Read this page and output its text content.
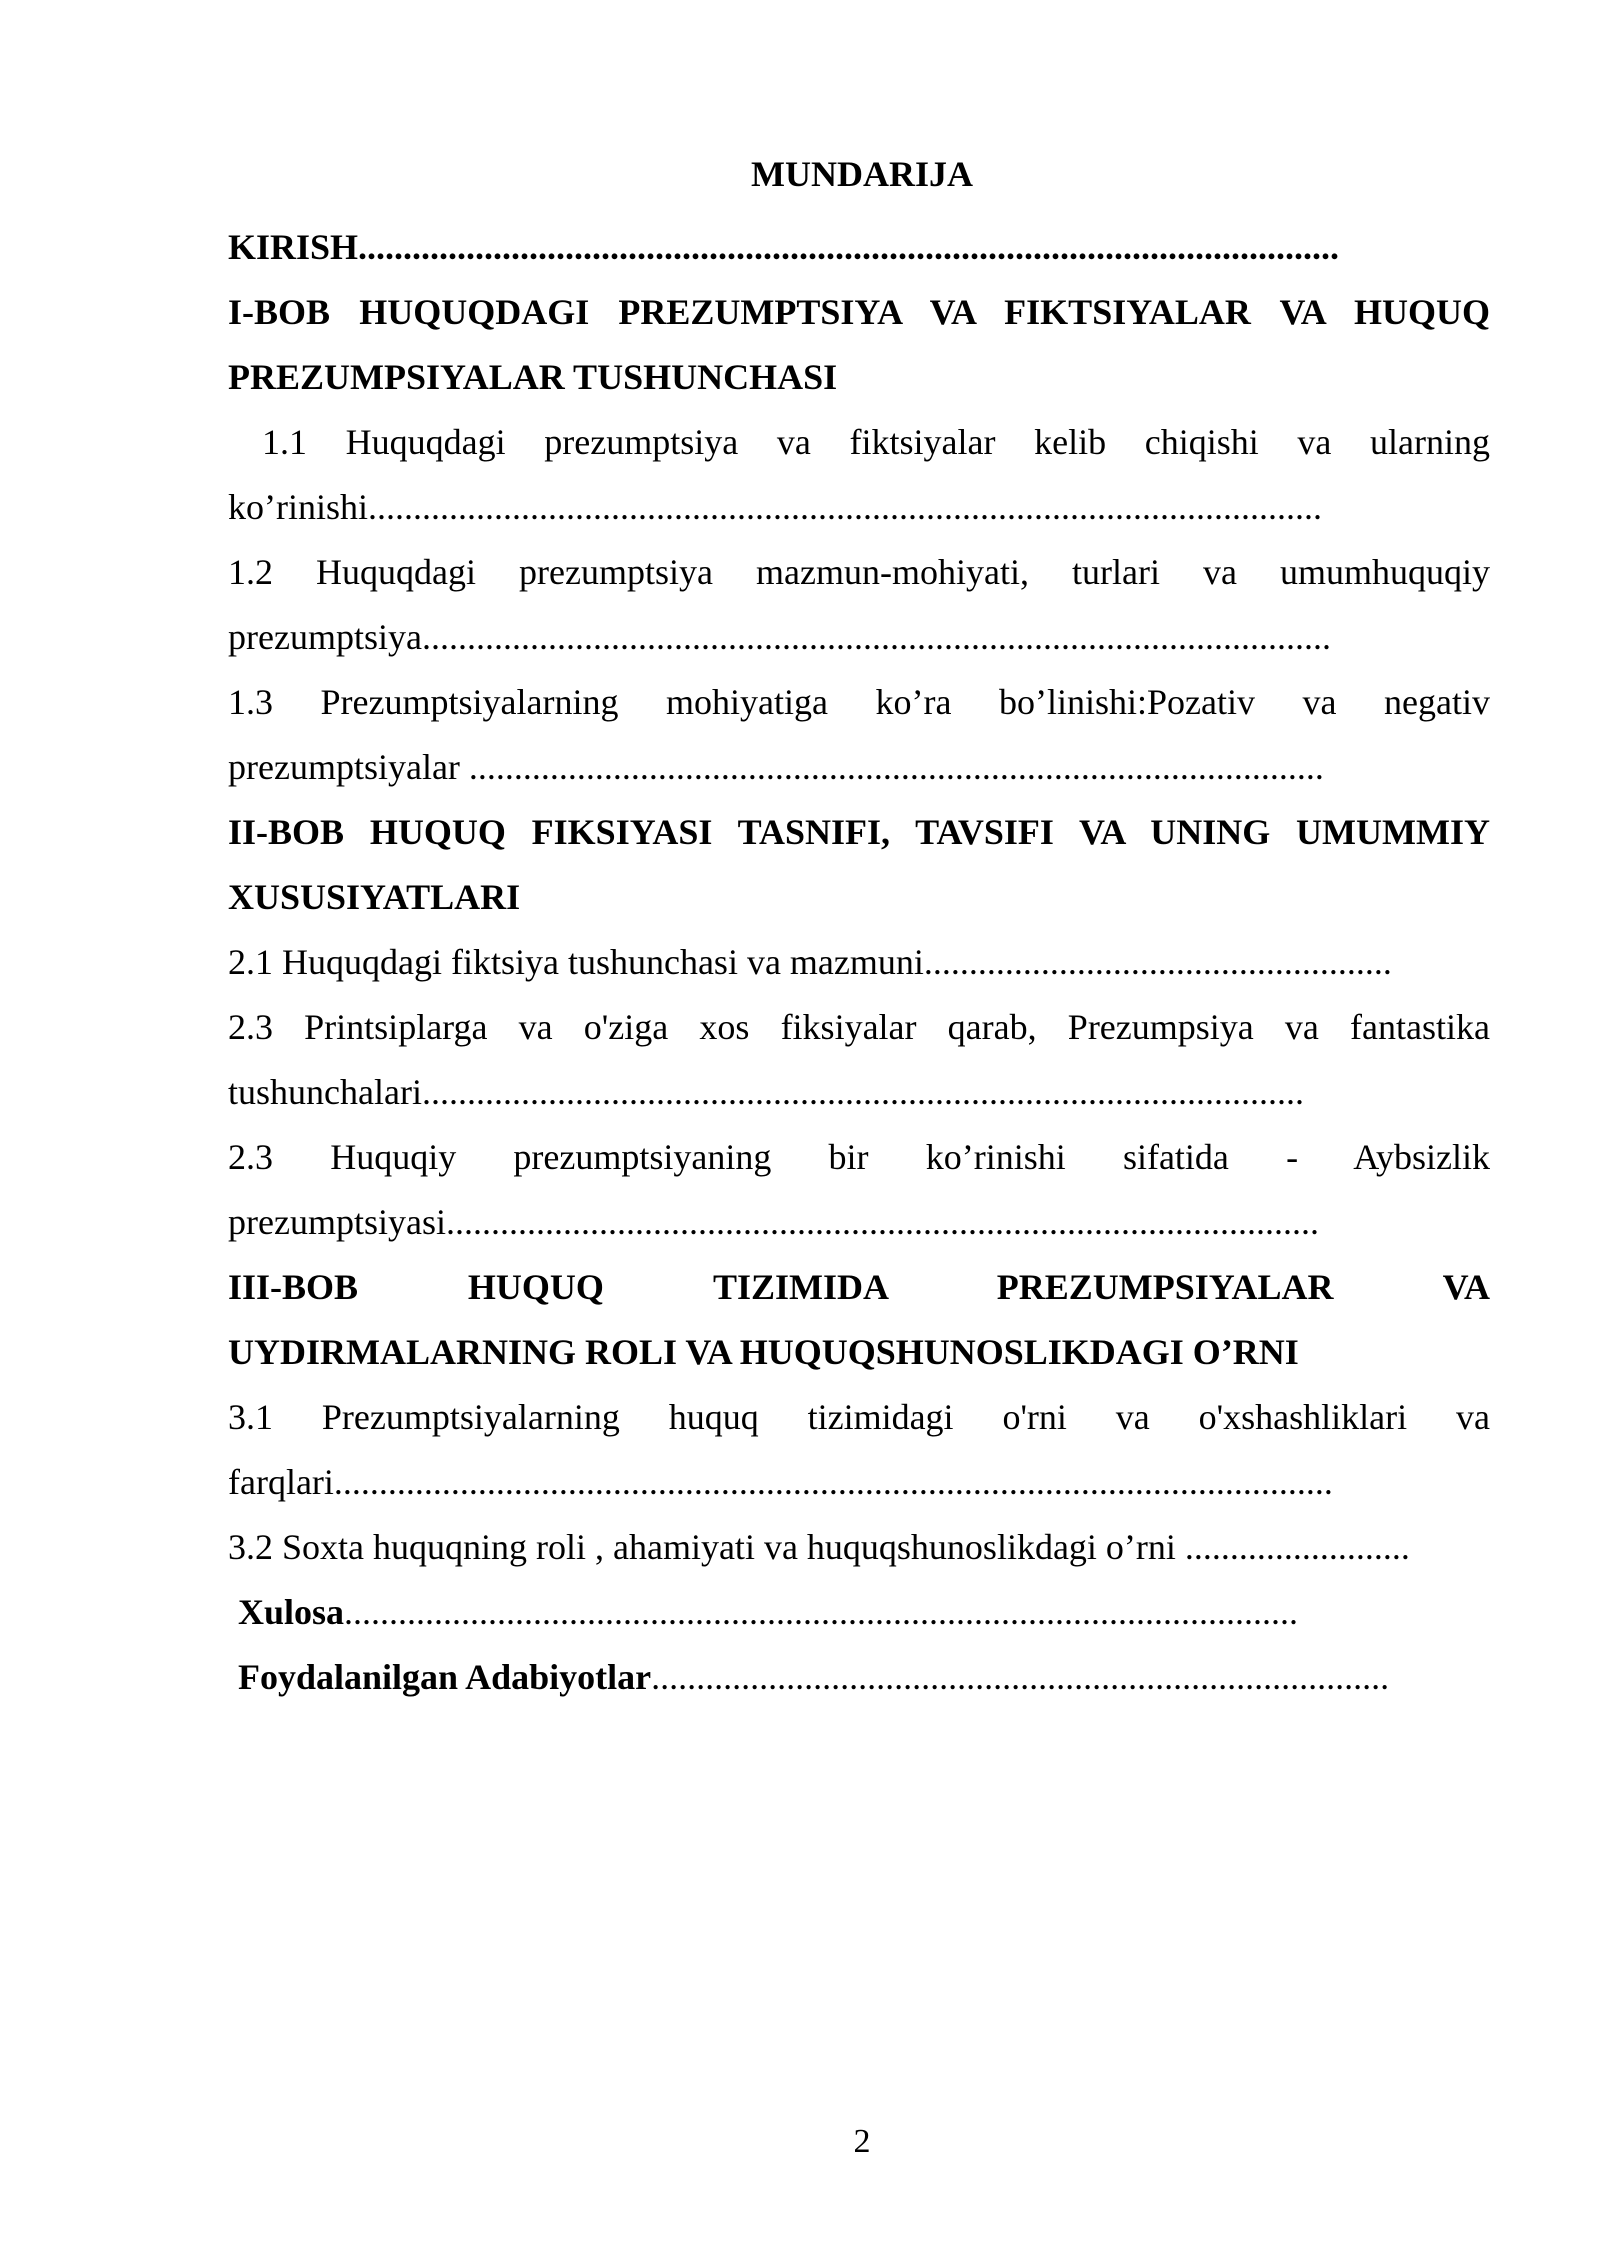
MUNDARIJA
KIRISH.............................................................................................................
I-BOB HUQUQDAGI PREZUMPTSIYA VA FIKTSIYALAR VA HUQUQ
PREZUMPSIYALAR TUSHUNCHASI
1.1 Huquqdagi prezumptsiya va fiktsiyalar kelib chiqishi va ularning
ko’rinishi..........................................................................................................
1.2 Huquqdagi prezumptsiya mazmun-mohiyati, turlari va umumhuquqiy
prezumptsiya.....................................................................................................
1.3 Prezumptsiyalarning mohiyatiga ko’ra bo’linishi:Pozativ va negativ
prezumptsiyalar ...............................................................................................
II-BOB HUQUQ FIKSIYASI TASNIFI, TAVSIFI VA UNING UMUMMIY
XUSUSIYATLARI
2.1 Huquqdagi fiktsiya tushunchasi va mazmuni....................................................
2.3 Printsiplarga va o'ziga xos fiksiyalar qarab, Prezumpsiya va fantastika
tushunchalari..................................................................................................
2.3 Huquqiy prezumptsiyaning bir ko’rinishi sifatida - Aybsizlik
prezumptsiyasi.................................................................................................
III-BOB HUQUQ TIZIMIDA PREZUMPSIYALAR VA
UYDIRMALARNING ROLI VA HUQUQSHUNOSLIKDAGI O’RNI
3.1 Prezumptsiyalarning huquq tizimidagi o'rni va o'xshashliklari va
farqlari...............................................................................................................
3.2 Soxta huquqning roli , ahamiyati va huquqshunoslikdagi o’rni .........................
Xulosa..........................................................................................................
Foydalanilgan Adabiyotlar..................................................................................
2
